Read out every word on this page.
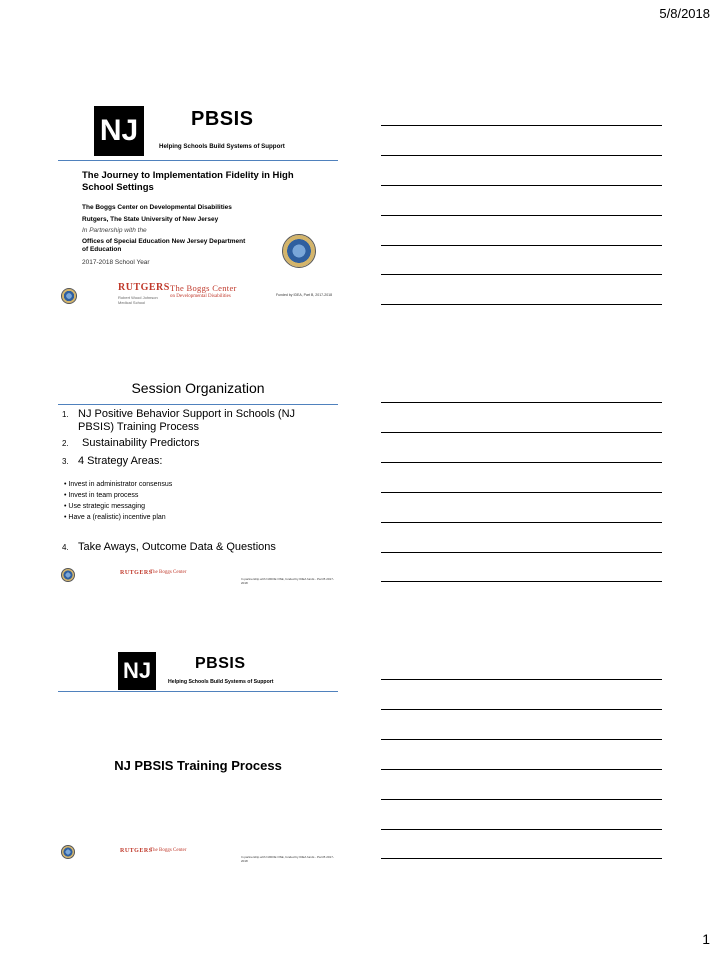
5/8/2018
NJ	PBSIS
Helping Schools Build Systems of Support
The Journey to Implementation Fidelity in High School Settings
The Boggs Center on Developmental Disabilities
Rutgers, The State University of New Jersey
In Partnership with the
Offices of Special Education New Jersey Department of Education
2017-2018 School Year
RUTGERS
Robert Wood Johnson Medical School
The Boggs Center
on Developmental Disabilities	Funded by IDEA, Part B, 2017-2018
Session Organization
1. NJ Positive Behavior Support in Schools (NJ PBSIS) Training Process
2. Sustainability Predictors
3. 4 Strategy Areas:
• Invest in administrator consensus
• Invest in team process
• Use strategic messaging
• Have a (realistic) incentive plan
4. Take Aways, Outcome Data & Questions
RUTGERS
The Boggs Center
In partnership with NJDOE OSE, funded by IDEA funds - Part B 2017-2018
NJ	PBSIS
Helping Schools Build Systems of Support
NJ PBSIS Training Process
RUTGERS
The Boggs Center
In partnership with NJDOE OSE, funded by IDEA funds - Part B 2017-2018
1
